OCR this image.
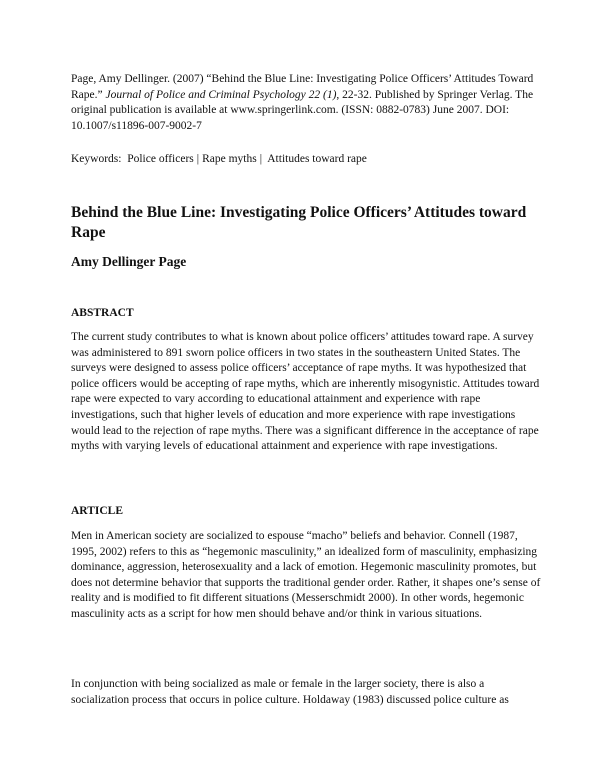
Page, Amy Dellinger. (2007) “Behind the Blue Line: Investigating Police Officers’ Attitudes Toward Rape.” Journal of Police and Criminal Psychology 22 (1), 22-32. Published by Springer Verlag. The original publication is available at www.springerlink.com. (ISSN: 0882-0783) June 2007. DOI: 10.1007/s11896-007-9002-7

Keywords: Police officers | Rape myths | Attitudes toward rape

Behind the Blue Line: Investigating Police Officers’ Attitudes toward Rape
Amy Dellinger Page
ABSTRACT

The current study contributes to what is known about police officers’ attitudes toward rape. A survey was administered to 891 sworn police officers in two states in the southeastern United States. The surveys were designed to assess police officers’ acceptance of rape myths. It was hypothesized that police officers would be accepting of rape myths, which are inherently misogynistic. Attitudes toward rape were expected to vary according to educational attainment and experience with rape investigations, such that higher levels of education and more experience with rape investigations would lead to the rejection of rape myths. There was a significant difference in the acceptance of rape myths with varying levels of educational attainment and experience with rape investigations.

ARTICLE

Men in American society are socialized to espouse “macho” beliefs and behavior. Connell (1987, 1995, 2002) refers to this as “hegemonic masculinity,” an idealized form of masculinity, emphasizing dominance, aggression, heterosexuality and a lack of emotion. Hegemonic masculinity promotes, but does not determine behavior that supports the traditional gender order. Rather, it shapes one’s sense of reality and is modified to fit different situations (Messerschmidt 2000). In other words, hegemonic masculinity acts as a script for how men should behave and/or think in various situations.

In conjunction with being socialized as male or female in the larger society, there is also a socialization process that occurs in police culture. Holdaway (1983) discussed police culture as
